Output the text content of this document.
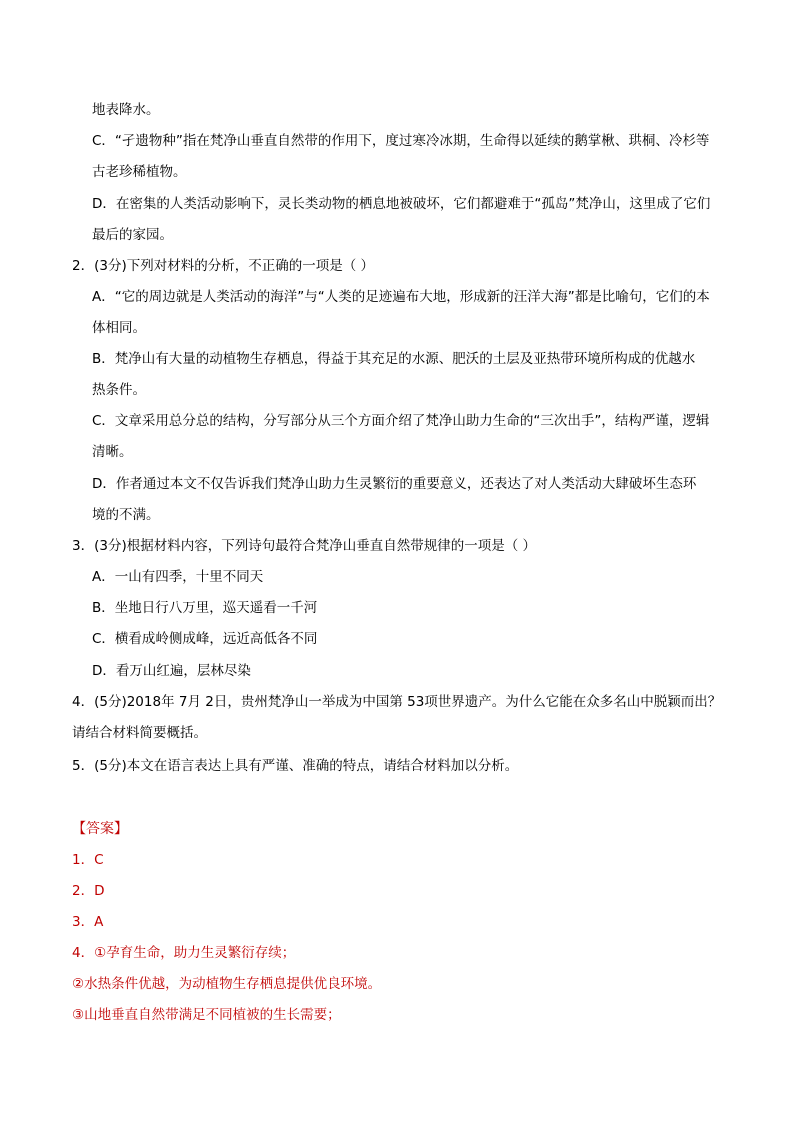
地表降水。
C．“孑遗物种”指在梵净山垂直自然带的作用下，度过寒冷冰期，生命得以延续的鹅掌楸、珙桐、冷杉等
古老珍稀植物。
D．在密集的人类活动影响下，灵长类动物的栖息地被破坏，它们都避难于“孤岛”梵净山，这里成了它们
最后的家园。
2．(3分)下列对材料的分析，不正确的一项是（ ）
A．“它的周边就是人类活动的海洋”与“人类的足迹遍布大地，形成新的汪洋大海”都是比喻句，它们的本
体相同。
B．梵净山有大量的动植物生存栖息，得益于其充足的水源、肥沃的土层及亚热带环境所构成的优越水
热条件。
C．文章采用总分总的结构，分写部分从三个方面介绍了梵净山助力生命的“三次出手”，结构严谨，逻辑
清晰。
D．作者通过本文不仅告诉我们梵净山助力生灵繁衍的重要意义，还表达了对人类活动大肆破坏生态环
境的不满。
3．(3分)根据材料内容，下列诗句最符合梵净山垂直自然带规律的一项是（ ）
A．一山有四季，十里不同天
B．坐地日行八万里，巡天遥看一千河
C．横看成岭侧成峰，远近高低各不同
D．看万山红遍，层林尽染
4．(5分)2018年 7月 2日，贵州梵净山一举成为中国第 53项世界遗产。为什么它能在众多名山中脱颖而出？
请结合材料简要概括。
5．(5分)本文在语言表达上具有严谨、准确的特点，请结合材料加以分析。
【答案】
1．C
2．D
3．A
4．①孕育生命，助力生灵繁衍存续；
②水热条件优越，为动植物生存栖息提供优良环境。
③山地垂直自然带满足不同植被的生长需要；
